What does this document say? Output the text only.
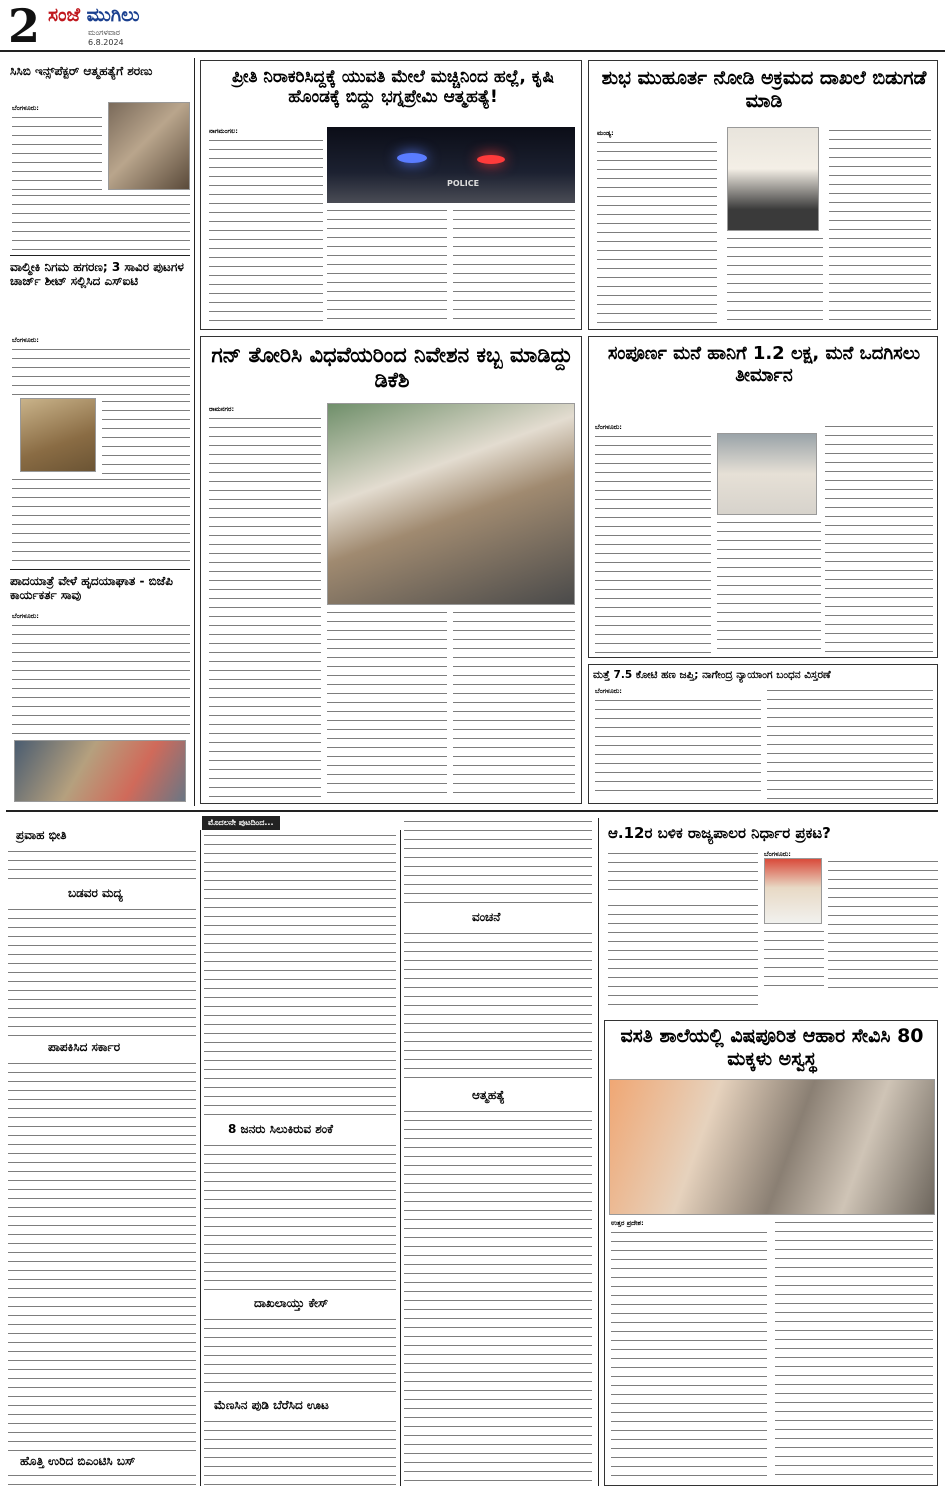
2 ಸಂಜೆ ಮುಗಿಲು
ಮಂಗಳವಾರ
6.8.2024
ಸಿಸಿಬಿ ಇನ್ಸ್‌ಪೆಕ್ಟರ್ ಆತ್ಮಹತ್ಯೆಗೆ ಶರಣು
ಬೆಂಗಳೂರು:
ವಾಲ್ಮೀಕಿ ನಿಗಮ ಹಗರಣ; 3 ಸಾವಿರ ಪುಟಗಳ ಚಾರ್ಜ್ ಶೀಟ್ ಸಲ್ಲಿಸಿದ ಎಸ್ಐಟಿ
ಬೆಂಗಳೂರು:
ಪಾದಯಾತ್ರೆ ವೇಳೆ ಹೃದಯಾಘಾತ - ಬಿಜೆಪಿ ಕಾರ್ಯಕರ್ತ ಸಾವು
ಬೆಂಗಳೂರು:
ಪ್ರೀತಿ ನಿರಾಕರಿಸಿದ್ದಕ್ಕೆ ಯುವತಿ ಮೇಲೆ ಮಚ್ಚಿನಿಂದ ಹಲ್ಲೆ, ಕೃಷಿ ಹೊಂಡಕ್ಕೆ ಬಿದ್ದು ಭಗ್ನಪ್ರೇಮಿ ಆತ್ಮಹತ್ಯೆ!
ನಾಗಮಂಗಲ:
POLICE
ಶುಭ ಮುಹೂರ್ತ ನೋಡಿ ಅಕ್ರಮದ ದಾಖಲೆ ಬಿಡುಗಡೆ ಮಾಡಿ
ಮಂಡ್ಯ:
ಗನ್ ತೋರಿಸಿ ವಿಧವೆಯರಿಂದ ನಿವೇಶನ ಕಬ್ಬ ಮಾಡಿದ್ದು ಡಿಕೆಶಿ
ರಾಮನಗರ:
ಸಂಪೂರ್ಣ ಮನೆ ಹಾನಿಗೆ 1.2 ಲಕ್ಷ, ಮನೆ ಒದಗಿಸಲು ತೀರ್ಮಾನ
ಬೆಂಗಳೂರು:
ಮತ್ತೆ 7.5 ಕೋಟಿ ಹಣ ಜಪ್ತಿ; ನಾಗೇಂದ್ರ ನ್ಯಾಯಾಂಗ ಬಂಧನ ವಿಸ್ತರಣೆ
ಬೆಂಗಳೂರು:
ಮೊದಲನೇ ಪುಟದಿಂದ...
ಪ್ರವಾಹ ಭೀತಿ
ಬಡವರ ಮದ್ಯ
ಪಾಪಕಿಸಿದ ಸರ್ಕಾರ
ಹೊತ್ತಿ ಉರಿದ ಬಿಎಂಟಿಸಿ ಬಸ್
8 ಜನರು ಸಿಲುಕಿರುವ ಶಂಕೆ
ದಾಖಲಾಯ್ತು ಕೇಸ್
ಮೆಣಸಿನ ಪುಡಿ ಬೆರೆಸಿದ ಊಟ
ವಂಚನೆ
ಆತ್ಮಹತ್ಯೆ
ಆ.12ರ ಬಳಿಕ ರಾಜ್ಯಪಾಲರ ನಿರ್ಧಾರ ಪ್ರಕಟ?
ಬೆಂಗಳೂರು:
ವಸತಿ ಶಾಲೆಯಲ್ಲಿ ವಿಷಪೂರಿತ ಆಹಾರ ಸೇವಿಸಿ 80 ಮಕ್ಕಳು ಅಸ್ವಸ್ಥ
ಉತ್ತರ ಪ್ರದೇಶ:
